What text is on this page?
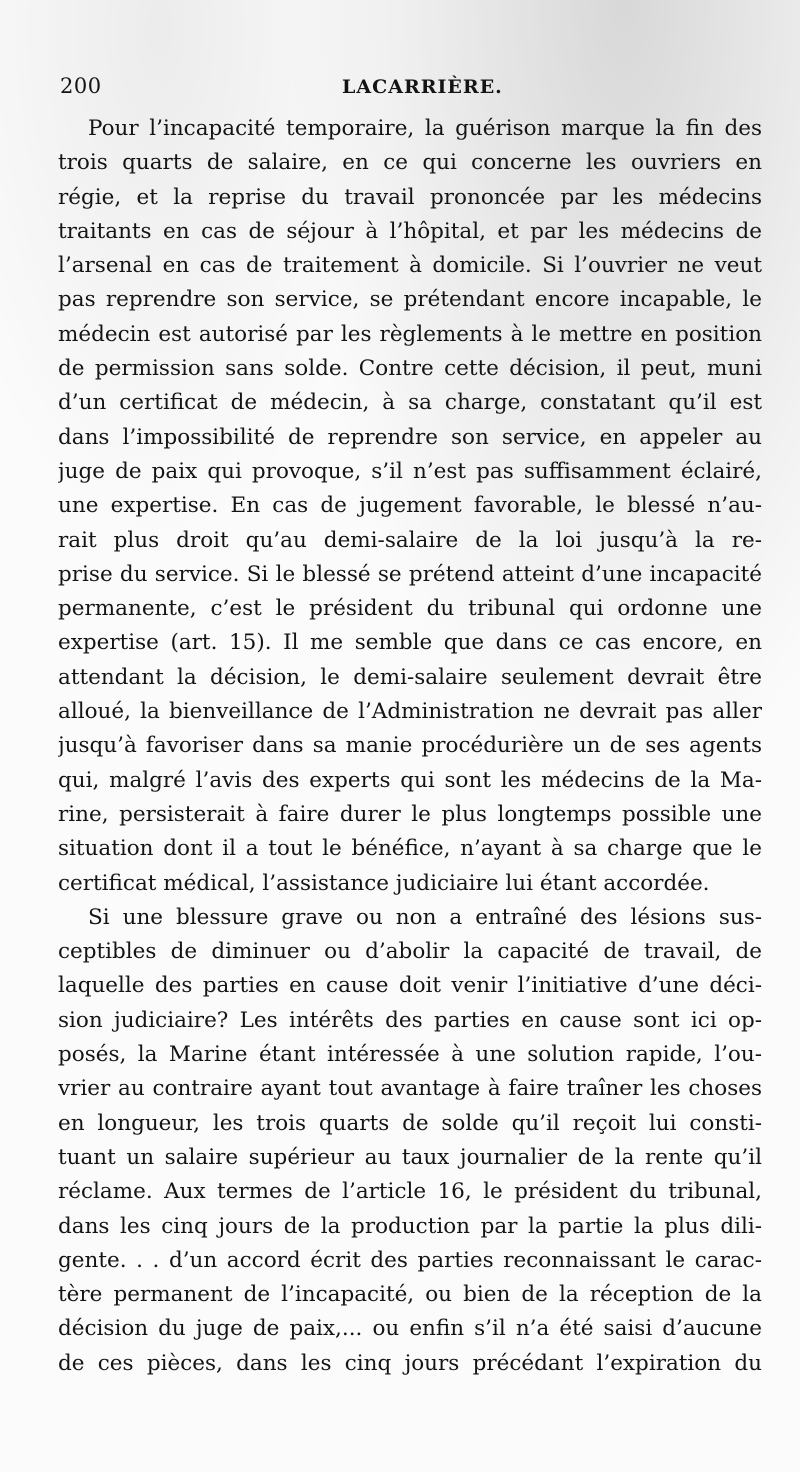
200	LACARRIÈRE.
Pour l’incapacité temporaire, la guérison marque la fin des
trois quarts de salaire, en ce qui concerne les ouvriers en
régie, et la reprise du travail prononcée par les médecins
traitants en cas de séjour à l’hôpital, et par les médecins de
l’arsenal en cas de traitement à domicile. Si l’ouvrier ne veut
pas reprendre son service, se prétendant encore incapable, le
médecin est autorisé par les règlements à le mettre en position
de permission sans solde. Contre cette décision, il peut, muni
d’un certificat de médecin, à sa charge, constatant qu’il est
dans l’impossibilité de reprendre son service, en appeler au
juge de paix qui provoque, s’il n’est pas suffisamment éclairé,
une expertise. En cas de jugement favorable, le blessé n’au-
rait plus droit qu’au demi-salaire de la loi jusqu’à la re-
prise du service. Si le blessé se prétend atteint d’une incapacité
permanente, c’est le président du tribunal qui ordonne une
expertise (art. 15). Il me semble que dans ce cas encore, en
attendant la décision, le demi-salaire seulement devrait être
alloué, la bienveillance de l’Administration ne devrait pas aller
jusqu’à favoriser dans sa manie procédurière un de ses agents
qui, malgré l’avis des experts qui sont les médecins de la Ma-
rine, persisterait à faire durer le plus longtemps possible une
situation dont il a tout le bénéfice, n’ayant à sa charge que le
certificat médical, l’assistance judiciaire lui étant accordée.
Si une blessure grave ou non a entraîné des lésions sus-
ceptibles de diminuer ou d’abolir la capacité de travail, de
laquelle des parties en cause doit venir l’initiative d’une déci-
sion judiciaire? Les intérêts des parties en cause sont ici op-
posés, la Marine étant intéressée à une solution rapide, l’ou-
vrier au contraire ayant tout avantage à faire traîner les choses
en longueur, les trois quarts de solde qu’il reçoit lui consti-
tuant un salaire supérieur au taux journalier de la rente qu’il
réclame. Aux termes de l’article 16, le président du tribunal,
dans les cinq jours de la production par la partie la plus dili-
gente. . . d’un accord écrit des parties reconnaissant le carac-
tère permanent de l’incapacité, ou bien de la réception de la
décision du juge de paix,... ou enfin s’il n’a été saisi d’aucune
de ces pièces, dans les cinq jours précédant l’expiration du
